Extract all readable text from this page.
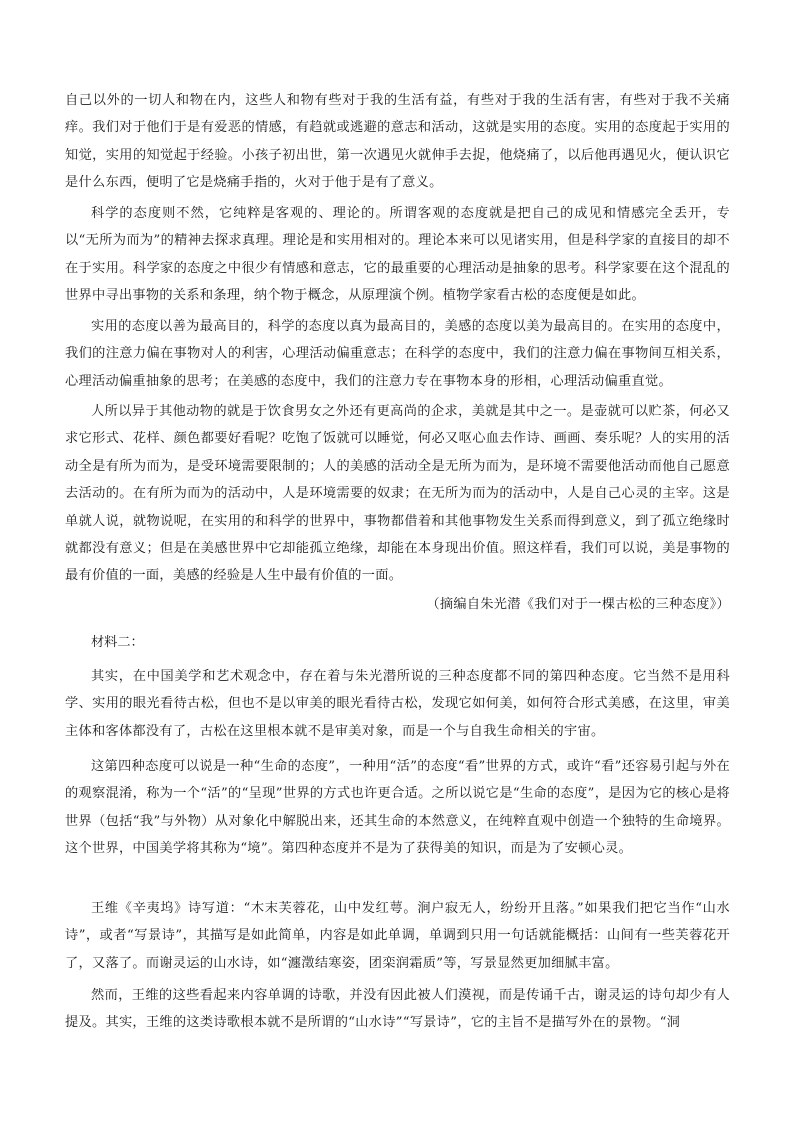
自己以外的一切人和物在内，这些人和物有些对于我的生活有益，有些对于我的生活有害，有些对于我不关痛痒。我们对于他们于是有爱恶的情感，有趋就或逃避的意志和活动，这就是实用的态度。实用的态度起于实用的知觉，实用的知觉起于经验。小孩子初出世，第一次遇见火就伸手去捉，他烧痛了，以后他再遇见火，便认识它是什么东西，便明了它是烧痛手指的，火对于他于是有了意义。

科学的态度则不然，它纯粹是客观的、理论的。所谓客观的态度就是把自己的成见和情感完全丢开，专以“无所为而为”的精神去探求真理。理论是和实用相对的。理论本来可以见诸实用，但是科学家的直接目的却不在于实用。科学家的态度之中很少有情感和意志，它的最重要的心理活动是抽象的思考。科学家要在这个混乱的世界中寻出事物的关系和条理，纳个物于概念，从原理演个例。植物学家看古松的态度便是如此。

实用的态度以善为最高目的，科学的态度以真为最高目的，美感的态度以美为最高目的。在实用的态度中，我们的注意力偏在事物对人的利害，心理活动偏重意志；在科学的态度中，我们的注意力偏在事物间互相关系，心理活动偏重抽象的思考；在美感的态度中，我们的注意力专在事物本身的形相，心理活动偏重直觉。

人所以异于其他动物的就是于饮食男女之外还有更高尚的企求，美就是其中之一。是壶就可以贮茶，何必又求它形式、花样、颜色都要好看呢？吃饱了饭就可以睡觉，何必又呕心血去作诗、画画、奏乐呢？人的实用的活动全是有所为而为，是受环境需要限制的；人的美感的活动全是无所为而为，是环境不需要他活动而他自己愿意去活动的。在有所为而为的活动中，人是环境需要的奴隶；在无所为而为的活动中，人是自己心灵的主宰。这是单就人说，就物说呢，在实用的和科学的世界中，事物都借着和其他事物发生关系而得到意义，到了孤立绝缘时就都没有意义；但是在美感世界中它却能孤立绝缘，却能在本身现出价值。照这样看，我们可以说，美是事物的最有价值的一面，美感的经验是人生中最有价值的一面。

（摘编自朱光潜《我们对于一棵古松的三种态度》）

材料二：

其实，在中国美学和艺术观念中，存在着与朱光潜所说的三种态度都不同的第四种态度。它当然不是用科学、实用的眼光看待古松，但也不是以审美的眼光看待古松，发现它如何美，如何符合形式美感，在这里，审美主体和客体都没有了，古松在这里根本就不是审美对象，而是一个与自我生命相关的宇宙。

这第四种态度可以说是一种“生命的态度”，一种用“活”的态度“看”世界的方式，或许“看”还容易引起与外在的观察混淆，称为一个“活”的“呈现”世界的方式也许更合适。之所以说它是“生命的态度”，是因为它的核心是将世界（包括“我”与外物）从对象化中解脱出来，还其生命的本然意义，在纯粹直观中创造一个独特的生命境界。这个世界，中国美学将其称为“境”。第四种态度并不是为了获得美的知识，而是为了安顿心灵。

王维《辛夷坞》诗写道：“木末芙蓉花，山中发红萼。涧户寂无人，纷纷开且落。”如果我们把它当作“山水诗”，或者“写景诗”，其描写是如此简单，内容是如此单调，单调到只用一句话就能概括：山间有一些芙蓉花开了，又落了。而谢灵运的山水诗，如“瀍澂结寒姿，团栾润霜质”等，写景显然更加细腻丰富。

然而，王维的这些看起来内容单调的诗歌，并没有因此被人们漠视，而是传诵千古，谢灵运的诗句却少有人提及。其实，王维的这类诗歌根本就不是所谓的“山水诗”“写景诗”，它的主旨不是描写外在的景物。“洞
